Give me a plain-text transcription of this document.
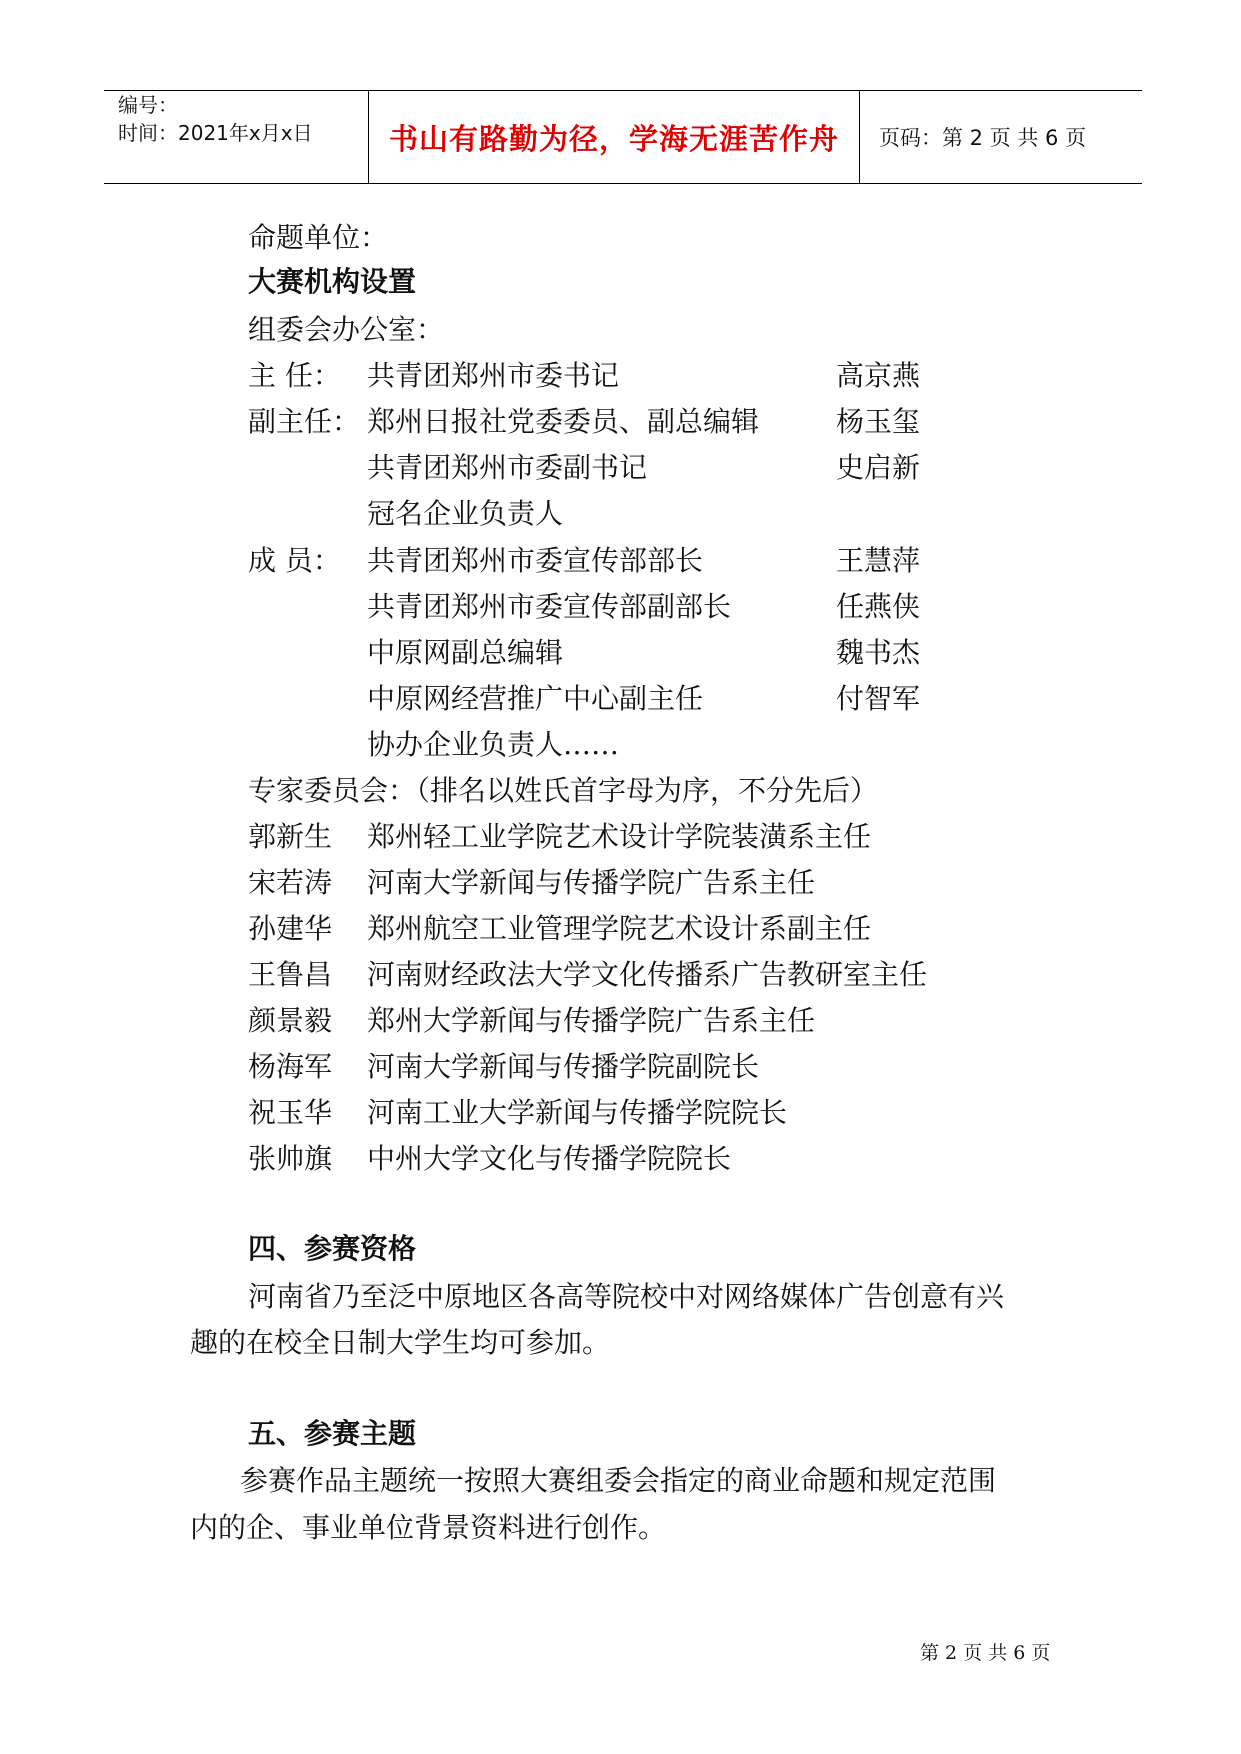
编号：
时间：2021年x月x日	书山有路勤为径，学海无涯苦作舟	页码：第 2 页 共 6 页
命题单位：
大赛机构设置
组委会办公室：
主 任： 共青团郑州市委书记	高京燕
副主任： 郑州日报社党委委员、副总编辑	杨玉玺
共青团郑州市委副书记	史启新
冠名企业负责人
成 员： 共青团郑州市委宣传部部长	王慧萍
共青团郑州市委宣传部副部长	任燕侠
中原网副总编辑	魏书杰
中原网经营推广中心副主任	付智军
协办企业负责人……
专家委员会：（排名以姓氏首字母为序，不分先后）
郭新生 郑州轻工业学院艺术设计学院装潢系主任
宋若涛 河南大学新闻与传播学院广告系主任
孙建华 郑州航空工业管理学院艺术设计系副主任
王鲁昌 河南财经政法大学文化传播系广告教研室主任
颜景毅 郑州大学新闻与传播学院广告系主任
杨海军 河南大学新闻与传播学院副院长
祝玉华 河南工业大学新闻与传播学院院长
张帅旗 中州大学文化与传播学院院长
四、参赛资格
河南省乃至泛中原地区各高等院校中对网络媒体广告创意有兴
趣的在校全日制大学生均可参加。
五、参赛主题
参赛作品主题统一按照大赛组委会指定的商业命题和规定范围
内的企、事业单位背景资料进行创作。
第 2 页 共 6 页
